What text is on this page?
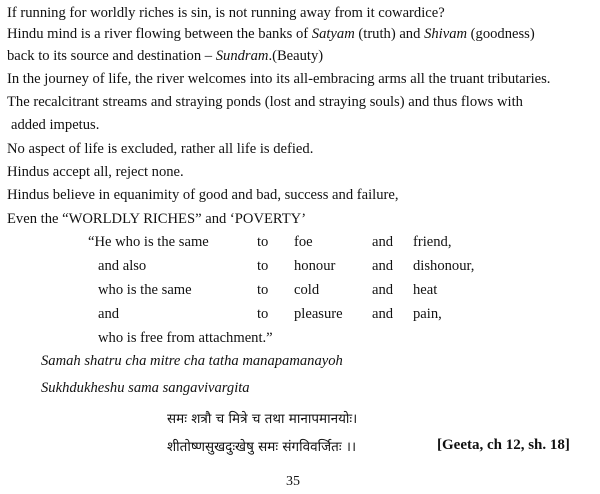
If running for worldly riches is sin, is not running away from it cowardice?
Hindu mind is a river flowing between the banks of Satyam (truth) and Shivam (goodness)
back to its source and destination – Sundram.(Beauty)
In the journey of life, the river welcomes into its all-embracing arms all the truant tributaries.
The recalcitrant streams and straying ponds (lost and straying souls) and thus flows with
added impetus.
No aspect of life is excluded, rather all life is defied.
Hindus accept all, reject none.
Hindus believe in equanimity of good and bad, success and failure,
Even the “WORLDLY RICHES” and ‘POVERTY’
“He who is the same	to foe	and friend,
and also	to honour	and dishonour,
who is the same	to cold	and heat
and	to pleasure and pain,
who is free from attachment.”
Samah shatru cha mitre cha tatha manapamanayoh
Sukhdukheshu sama sangavivargita
समः शत्रौ च मित्रे च तथा मानापमानयोः।
शीतोष्णसुखदुःखेषु समः संगविवर्जितः ।।	[Geeta, ch 12, sh. 18]
35
